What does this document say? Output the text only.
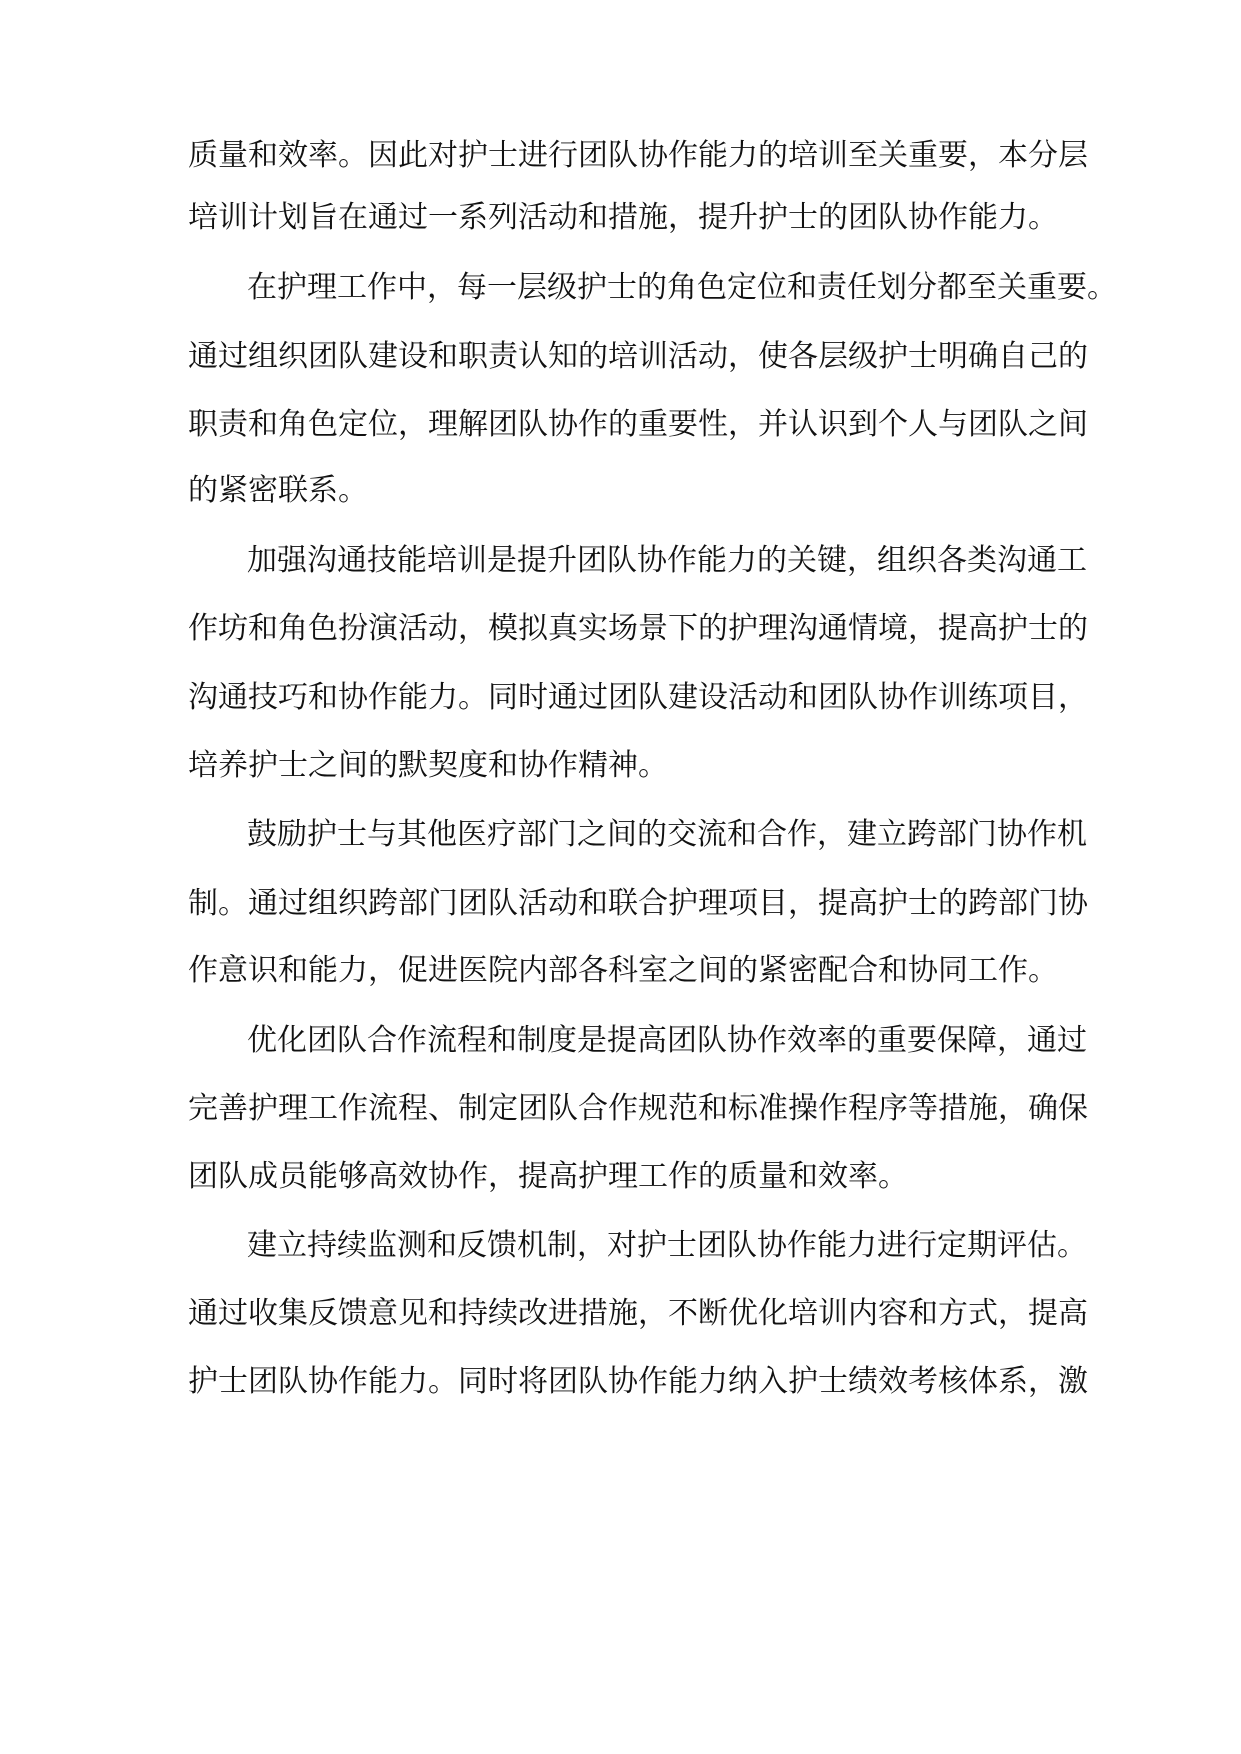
质量和效率。因此对护士进行团队协作能力的培训至关重要，本分层
培训计划旨在通过一系列活动和措施，提升护士的团队协作能力。
在护理工作中，每一层级护士的角色定位和责任划分都至关重要。
通过组织团队建设和职责认知的培训活动，使各层级护士明确自己的
职责和角色定位，理解团队协作的重要性，并认识到个人与团队之间
的紧密联系。
加强沟通技能培训是提升团队协作能力的关键，组织各类沟通工
作坊和角色扮演活动，模拟真实场景下的护理沟通情境，提高护士的
沟通技巧和协作能力。同时通过团队建设活动和团队协作训练项目，
培养护士之间的默契度和协作精神。
鼓励护士与其他医疗部门之间的交流和合作，建立跨部门协作机
制。通过组织跨部门团队活动和联合护理项目，提高护士的跨部门协
作意识和能力，促进医院内部各科室之间的紧密配合和协同工作。
优化团队合作流程和制度是提高团队协作效率的重要保障，通过
完善护理工作流程、制定团队合作规范和标准操作程序等措施，确保
团队成员能够高效协作，提高护理工作的质量和效率。
建立持续监测和反馈机制，对护士团队协作能力进行定期评估。
通过收集反馈意见和持续改进措施，不断优化培训内容和方式，提高
护士团队协作能力。同时将团队协作能力纳入护士绩效考核体系，激
